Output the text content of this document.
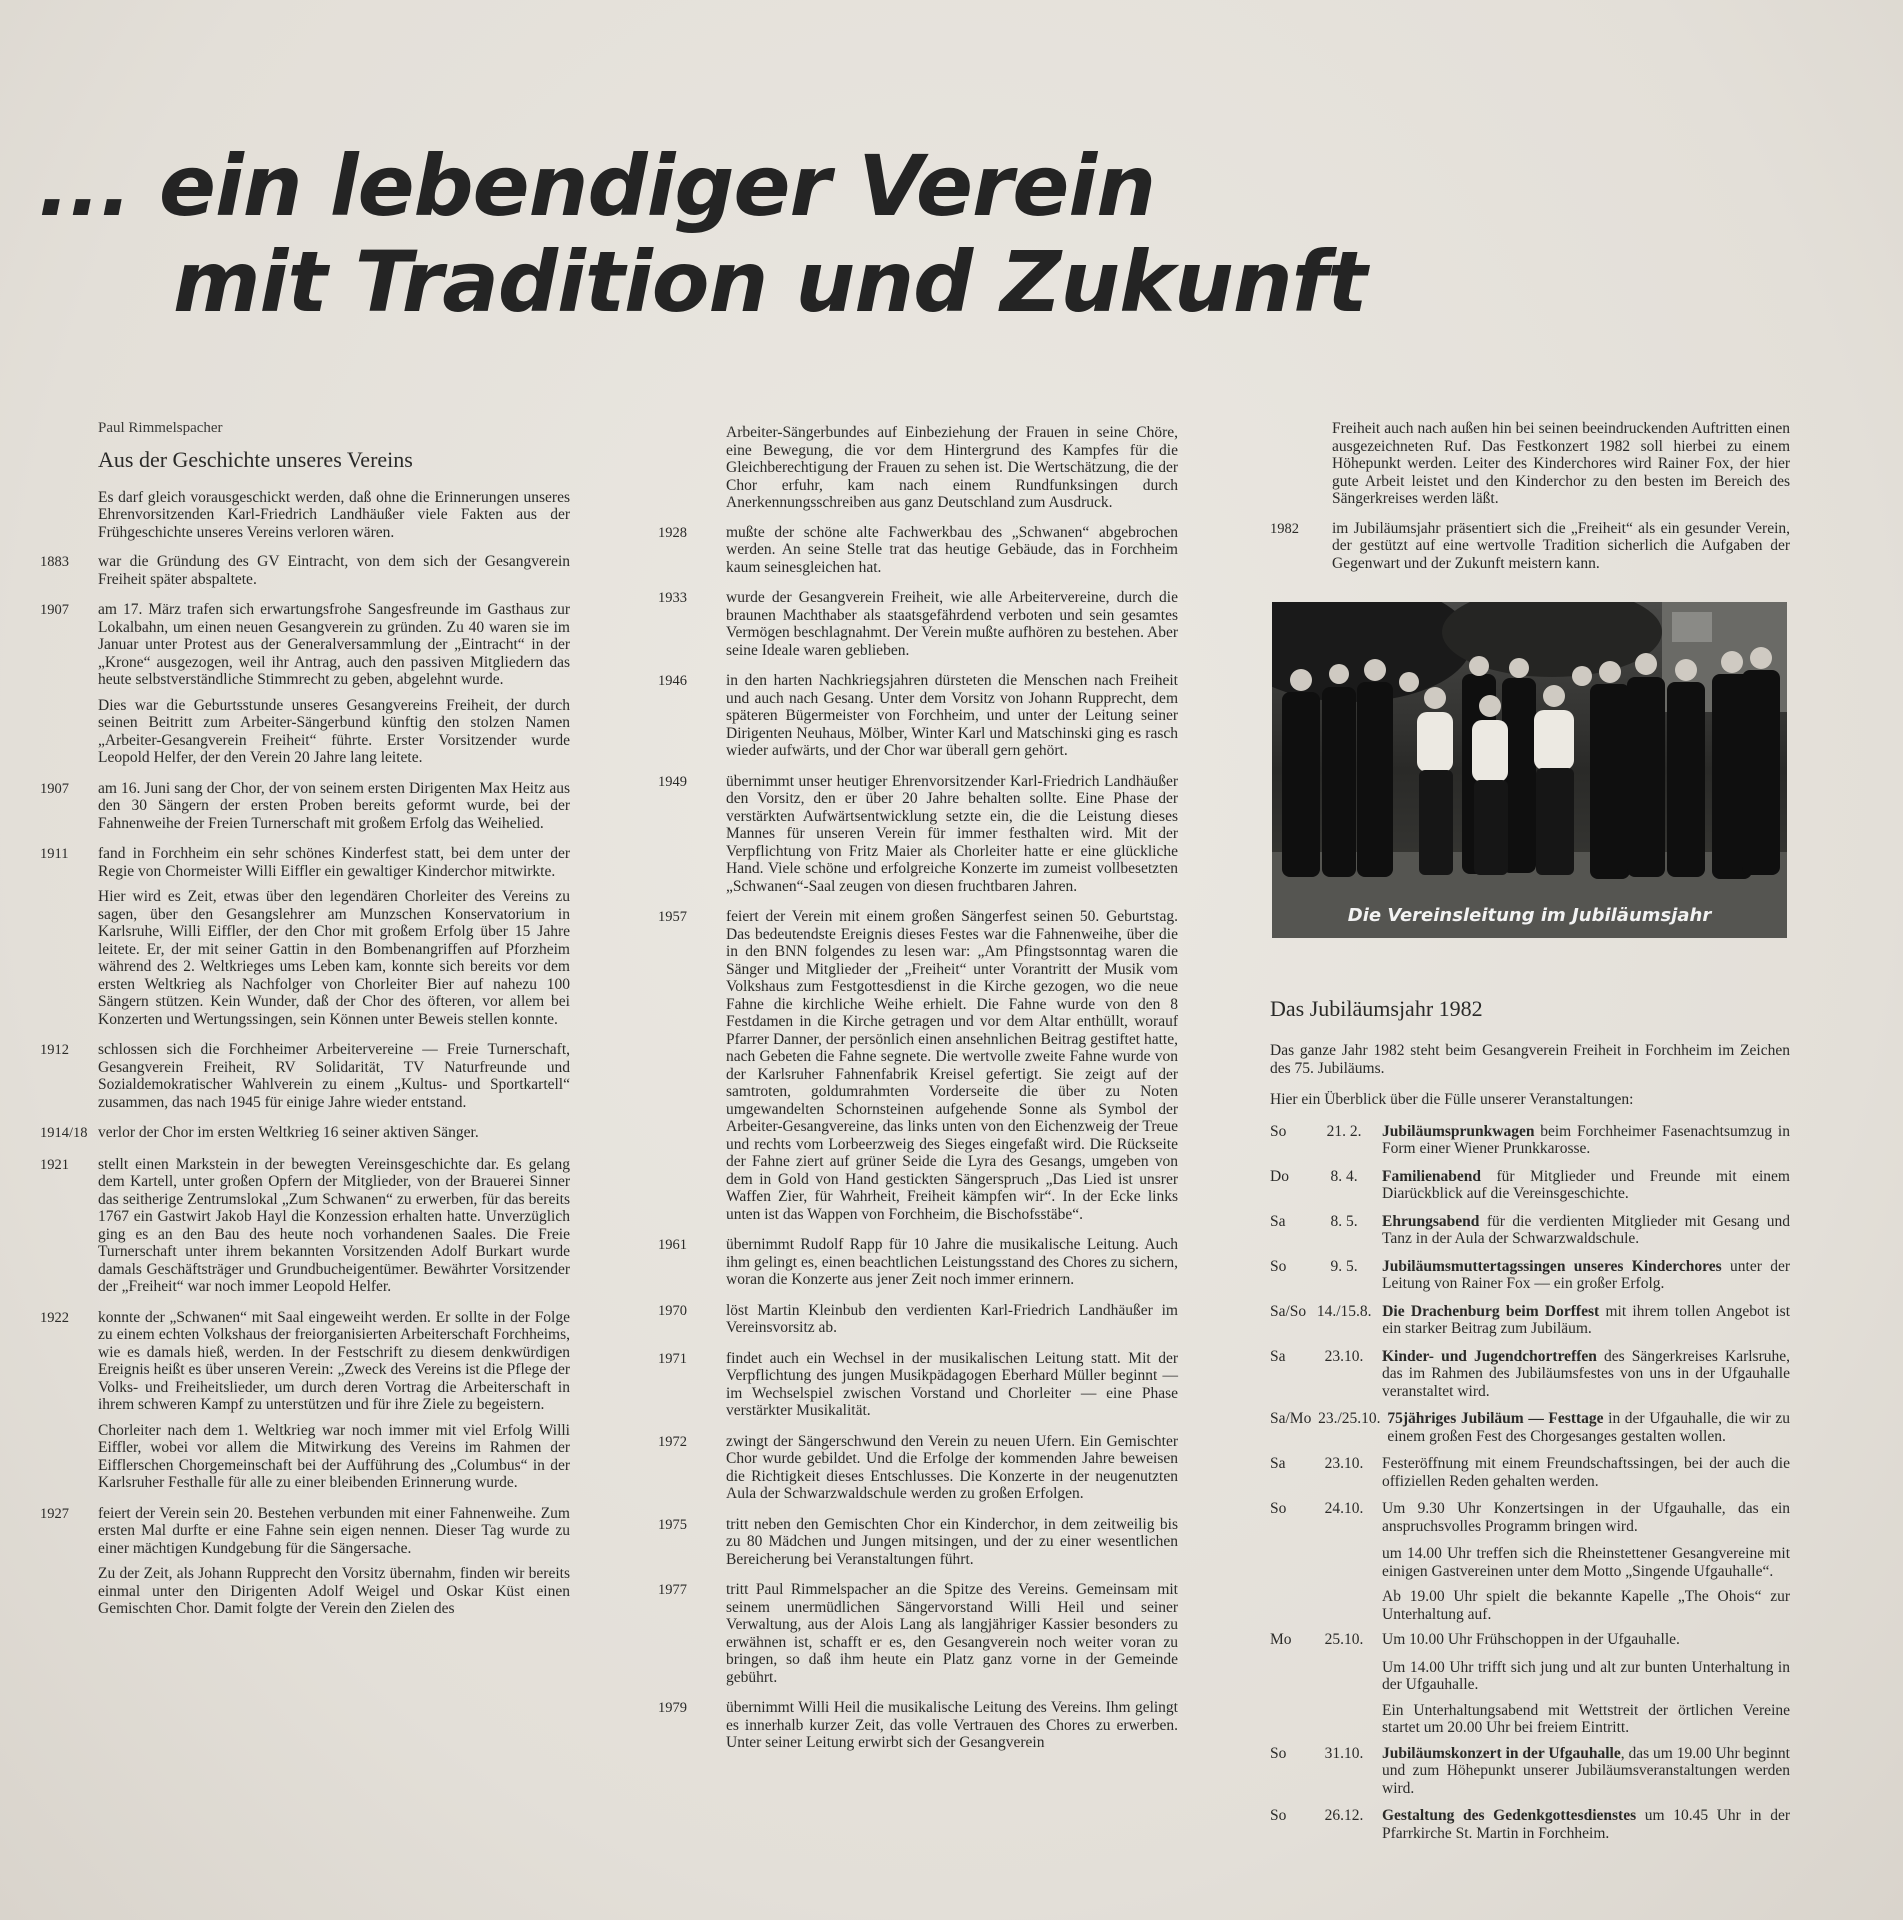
... ein lebendiger Verein
mit Tradition und Zukunft
Paul Rimmelspacher
Aus der Geschichte unseres Vereins
Es darf gleich vorausgeschickt werden, daß ohne die Erinnerungen unseres Ehrenvorsitzenden Karl-Friedrich Landhäußer viele Fakten aus der Frühgeschichte unseres Vereins verloren wären.
1883	war die Gründung des GV Eintracht, von dem sich der Gesangverein Freiheit später abspaltete.

1907	am 17. März trafen sich erwartungsfrohe Sangesfreunde im Gasthaus zur Lokalbahn, um einen neuen Gesangverein zu gründen. Zu 40 waren sie im Januar unter Protest aus der Generalversammlung der „Eintracht“ in der „Krone“ ausgezogen, weil ihr Antrag, auch den passiven Mitgliedern das heute selbstverständliche Stimmrecht zu geben, abgelehnt wurde.

Dies war die Geburtsstunde unseres Gesangvereins Freiheit, der durch seinen Beitritt zum Arbeiter-Sängerbund künftig den stolzen Namen „Arbeiter-Gesangverein Freiheit“ führte. Erster Vorsitzender wurde Leopold Helfer, der den Verein 20 Jahre lang leitete.

1907	am 16. Juni sang der Chor, der von seinem ersten Dirigenten Max Heitz aus den 30 Sängern der ersten Proben bereits geformt wurde, bei der Fahnenweihe der Freien Turnerschaft mit großem Erfolg das Weihelied.

1911	fand in Forchheim ein sehr schönes Kinderfest statt, bei dem unter der Regie von Chormeister Willi Eiffler ein gewaltiger Kinderchor mitwirkte.

Hier wird es Zeit, etwas über den legendären Chorleiter des Vereins zu sagen, über den Gesangslehrer am Munzschen Konservatorium in Karlsruhe, Willi Eiffler, der den Chor mit großem Erfolg über 15 Jahre leitete. Er, der mit seiner Gattin in den Bombenangriffen auf Pforzheim während des 2. Weltkrieges ums Leben kam, konnte sich bereits vor dem ersten Weltkrieg als Nachfolger von Chorleiter Bier auf nahezu 100 Sängern stützen. Kein Wunder, daß der Chor des öfteren, vor allem bei Konzerten und Wertungssingen, sein Können unter Beweis stellen konnte.

1912	schlossen sich die Forchheimer Arbeitervereine — Freie Turnerschaft, Gesangverein Freiheit, RV Solidarität, TV Naturfreunde und Sozialdemokratischer Wahlverein zu einem „Kultus- und Sportkartell“ zusammen, das nach 1945 für einige Jahre wieder entstand.

1914/18 verlor der Chor im ersten Weltkrieg 16 seiner aktiven Sänger.

1921	stellt einen Markstein in der bewegten Vereinsgeschichte dar. Es gelang dem Kartell, unter großen Opfern der Mitglieder, von der Brauerei Sinner das seitherige Zentrumslokal „Zum Schwanen“ zu erwerben, für das bereits 1767 ein Gastwirt Jakob Hayl die Konzession erhalten hatte. Unverzüglich ging es an den Bau des heute noch vorhandenen Saales. Die Freie Turnerschaft unter ihrem bekannten Vorsitzenden Adolf Burkart wurde damals Geschäftsträger und Grundbucheigentümer. Bewährter Vorsitzender der „Freiheit“ war noch immer Leopold Helfer.

1922	konnte der „Schwanen“ mit Saal eingeweiht werden. Er sollte in der Folge zu einem echten Volkshaus der freiorganisierten Arbeiterschaft Forchheims, wie es damals hieß, werden. In der Festschrift zu diesem denkwürdigen Ereignis heißt es über unseren Verein: „Zweck des Vereins ist die Pflege der Volks- und Freiheitslieder, um durch deren Vortrag die Arbeiterschaft in ihrem schweren Kampf zu unterstützen und für ihre Ziele zu begeistern.

Chorleiter nach dem 1. Weltkrieg war noch immer mit viel Erfolg Willi Eiffler, wobei vor allem die Mitwirkung des Vereins im Rahmen der Eifflerschen Chorgemeinschaft bei der Aufführung des „Columbus“ in der Karlsruher Festhalle für alle zu einer bleibenden Erinnerung wurde.

1927	feiert der Verein sein 20. Bestehen verbunden mit einer Fahnenweihe. Zum ersten Mal durfte er eine Fahne sein eigen nennen. Dieser Tag wurde zu einer mächtigen Kundgebung für die Sängersache.

Zu der Zeit, als Johann Rupprecht den Vorsitz übernahm, finden wir bereits einmal unter den Dirigenten Adolf Weigel und Oskar Küst einen Gemischten Chor. Damit folgte der Verein den Zielen des

Arbeiter-Sängerbundes auf Einbeziehung der Frauen in seine Chöre, eine Bewegung, die vor dem Hintergrund des Kampfes für die Gleichberechtigung der Frauen zu sehen ist. Die Wertschätzung, die der Chor erfuhr, kam nach einem Rundfunksingen durch Anerkennungsschreiben aus ganz Deutschland zum Ausdruck.
1928	mußte der schöne alte Fachwerkbau des „Schwanen“ abgebrochen werden. An seine Stelle trat das heutige Gebäude, das in Forchheim kaum seinesgleichen hat.

1933	wurde der Gesangverein Freiheit, wie alle Arbeitervereine, durch die braunen Machthaber als staatsgefährdend verboten und sein gesamtes Vermögen beschlagnahmt. Der Verein mußte aufhören zu bestehen. Aber seine Ideale waren geblieben.

1946	in den harten Nachkriegsjahren dürsteten die Menschen nach Freiheit und auch nach Gesang. Unter dem Vorsitz von Johann Rupprecht, dem späteren Bügermeister von Forchheim, und unter der Leitung seiner Dirigenten Neuhaus, Mölber, Winter Karl und Matschinski ging es rasch wieder aufwärts, und der Chor war überall gern gehört.

1949	übernimmt unser heutiger Ehrenvorsitzender Karl-Friedrich Landhäußer den Vorsitz, den er über 20 Jahre behalten sollte. Eine Phase der verstärkten Aufwärtsentwicklung setzte ein, die die Leistung dieses Mannes für unseren Verein für immer festhalten wird. Mit der Verpflichtung von Fritz Maier als Chorleiter hatte er eine glückliche Hand. Viele schöne und erfolgreiche Konzerte im zumeist vollbesetzten „Schwanen“-Saal zeugen von diesen fruchtbaren Jahren.

1957	feiert der Verein mit einem großen Sängerfest seinen 50. Geburtstag. Das bedeutendste Ereignis dieses Festes war die Fahnenweihe, über die in den BNN folgendes zu lesen war: „Am Pfingstsonntag waren die Sänger und Mitglieder der „Freiheit“ unter Vorantritt der Musik vom Volkshaus zum Festgottesdienst in die Kirche gezogen, wo die neue Fahne die kirchliche Weihe erhielt. Die Fahne wurde von den 8 Festdamen in die Kirche getragen und vor dem Altar enthüllt, worauf Pfarrer Danner, der persönlich einen ansehnlichen Beitrag gestiftet hatte, nach Gebeten die Fahne segnete. Die wertvolle zweite Fahne wurde von der Karlsruher Fahnenfabrik Kreisel gefertigt. Sie zeigt auf der samtroten, goldumrahmten Vorderseite die über zu Noten umgewandelten Schornsteinen aufgehende Sonne als Symbol der Arbeiter-Gesangvereine, das links unten von den Eichenzweig der Treue und rechts vom Lorbeerzweig des Sieges eingefaßt wird. Die Rückseite der Fahne ziert auf grüner Seide die Lyra des Gesangs, umgeben von dem in Gold von Hand gestickten Sängerspruch „Das Lied ist unsrer Waffen Zier, für Wahrheit, Freiheit kämpfen wir“. In der Ecke links unten ist das Wappen von Forchheim, die Bischofsstäbe“.

1961	übernimmt Rudolf Rapp für 10 Jahre die musikalische Leitung. Auch ihm gelingt es, einen beachtlichen Leistungsstand des Chores zu sichern, woran die Konzerte aus jener Zeit noch immer erinnern.

1970	löst Martin Kleinbub den verdienten Karl-Friedrich Landhäußer im Vereinsvorsitz ab.

1971	findet auch ein Wechsel in der musikalischen Leitung statt. Mit der Verpflichtung des jungen Musikpädagogen Eberhard Müller beginnt — im Wechselspiel zwischen Vorstand und Chorleiter — eine Phase verstärkter Musikalität.

1972	zwingt der Sängerschwund den Verein zu neuen Ufern. Ein Gemischter Chor wurde gebildet. Und die Erfolge der kommenden Jahre beweisen die Richtigkeit dieses Entschlusses. Die Konzerte in der neugenutzten Aula der Schwarzwaldschule werden zu großen Erfolgen.

1975	tritt neben den Gemischten Chor ein Kinderchor, in dem zeitweilig bis zu 80 Mädchen und Jungen mitsingen, und der zu einer wesentlichen Bereicherung bei Veranstaltungen führt.

1977	tritt Paul Rimmelspacher an die Spitze des Vereins. Gemeinsam mit seinem unermüdlichen Sängervorstand Willi Heil und seiner Verwaltung, aus der Alois Lang als langjähriger Kassier besonders zu erwähnen ist, schafft er es, den Gesangverein noch weiter voran zu bringen, so daß ihm heute ein Platz ganz vorne in der Gemeinde gebührt.

1979	übernimmt Willi Heil die musikalische Leitung des Vereins. Ihm gelingt es innerhalb kurzer Zeit, das volle Vertrauen des Chores zu erwerben. Unter seiner Leitung erwirbt sich der Gesangverein

Freiheit auch nach außen hin bei seinen beeindruckenden Auftritten einen ausgezeichneten Ruf. Das Festkonzert 1982 soll hierbei zu einem Höhepunkt werden. Leiter des Kinderchores wird Rainer Fox, der hier gute Arbeit leistet und den Kinderchor zu den besten im Bereich des Sängerkreises werden läßt.
1982	im Jubiläumsjahr präsentiert sich die „Freiheit“ als ein gesunder Verein, der gestützt auf eine wertvolle Tradition sicherlich die Aufgaben der Gegenwart und der Zukunft meistern kann.

Die Vereinsleitung im Jubiläumsjahr
Das Jubiläumsjahr 1982
Das ganze Jahr 1982 steht beim Gesangverein Freiheit in Forchheim im Zeichen des 75. Jubiläums.
Hier ein Überblick über die Fülle unserer Veranstaltungen:
So	21. 2.	Jubiläumsprunkwagen beim Forchheimer Fasenachtsumzug in Form einer Wiener Prunkkarosse.
Do	8. 4.	Familienabend für Mitglieder und Freunde mit einem Diarückblick auf die Vereinsgeschichte.
Sa	8. 5.	Ehrungsabend für die verdienten Mitglieder mit Gesang und Tanz in der Aula der Schwarzwaldschule.
So	9. 5.	Jubiläumsmuttertagssingen unseres Kinderchores unter der Leitung von Rainer Fox — ein großer Erfolg.
Sa/So 14./15.8. Die Drachenburg beim Dorffest mit ihrem tollen Angebot ist ein starker Beitrag zum Jubiläum.
Sa	23.10.	Kinder- und Jugendchortreffen des Sängerkreises Karlsruhe, das im Rahmen des Jubiläumsfestes von uns in der Ufgauhalle veranstaltet wird.
Sa/Mo 23./25.10. 75jähriges Jubiläum — Festtage in der Ufgauhalle, die wir zu einem großen Fest des Chorgesanges gestalten wollen.
Sa	23.10.	Festeröffnung mit einem Freundschaftssingen, bei der auch die offiziellen Reden gehalten werden.
So	24.10.	Um 9.30 Uhr Konzertsingen in der Ufgauhalle, das ein anspruchsvolles Programm bringen wird.
um 14.00 Uhr treffen sich die Rheinstettener Gesangvereine mit einigen Gastvereinen unter dem Motto „Singende Ufgauhalle“.
Ab 19.00 Uhr spielt die bekannte Kapelle „The Ohois“ zur Unterhaltung auf.
Mo	25.10.	Um 10.00 Uhr Frühschoppen in der Ufgauhalle.
Um 14.00 Uhr trifft sich jung und alt zur bunten Unterhaltung in der Ufgauhalle.
Ein Unterhaltungsabend mit Wettstreit der örtlichen Vereine startet um 20.00 Uhr bei freiem Eintritt.
So	31.10.	Jubiläumskonzert in der Ufgauhalle, das um 19.00 Uhr beginnt und zum Höhepunkt unserer Jubiläumsveranstaltungen werden wird.
So	26.12.	Gestaltung des Gedenkgottesdienstes um 10.45 Uhr in der Pfarrkirche St. Martin in Forchheim.
